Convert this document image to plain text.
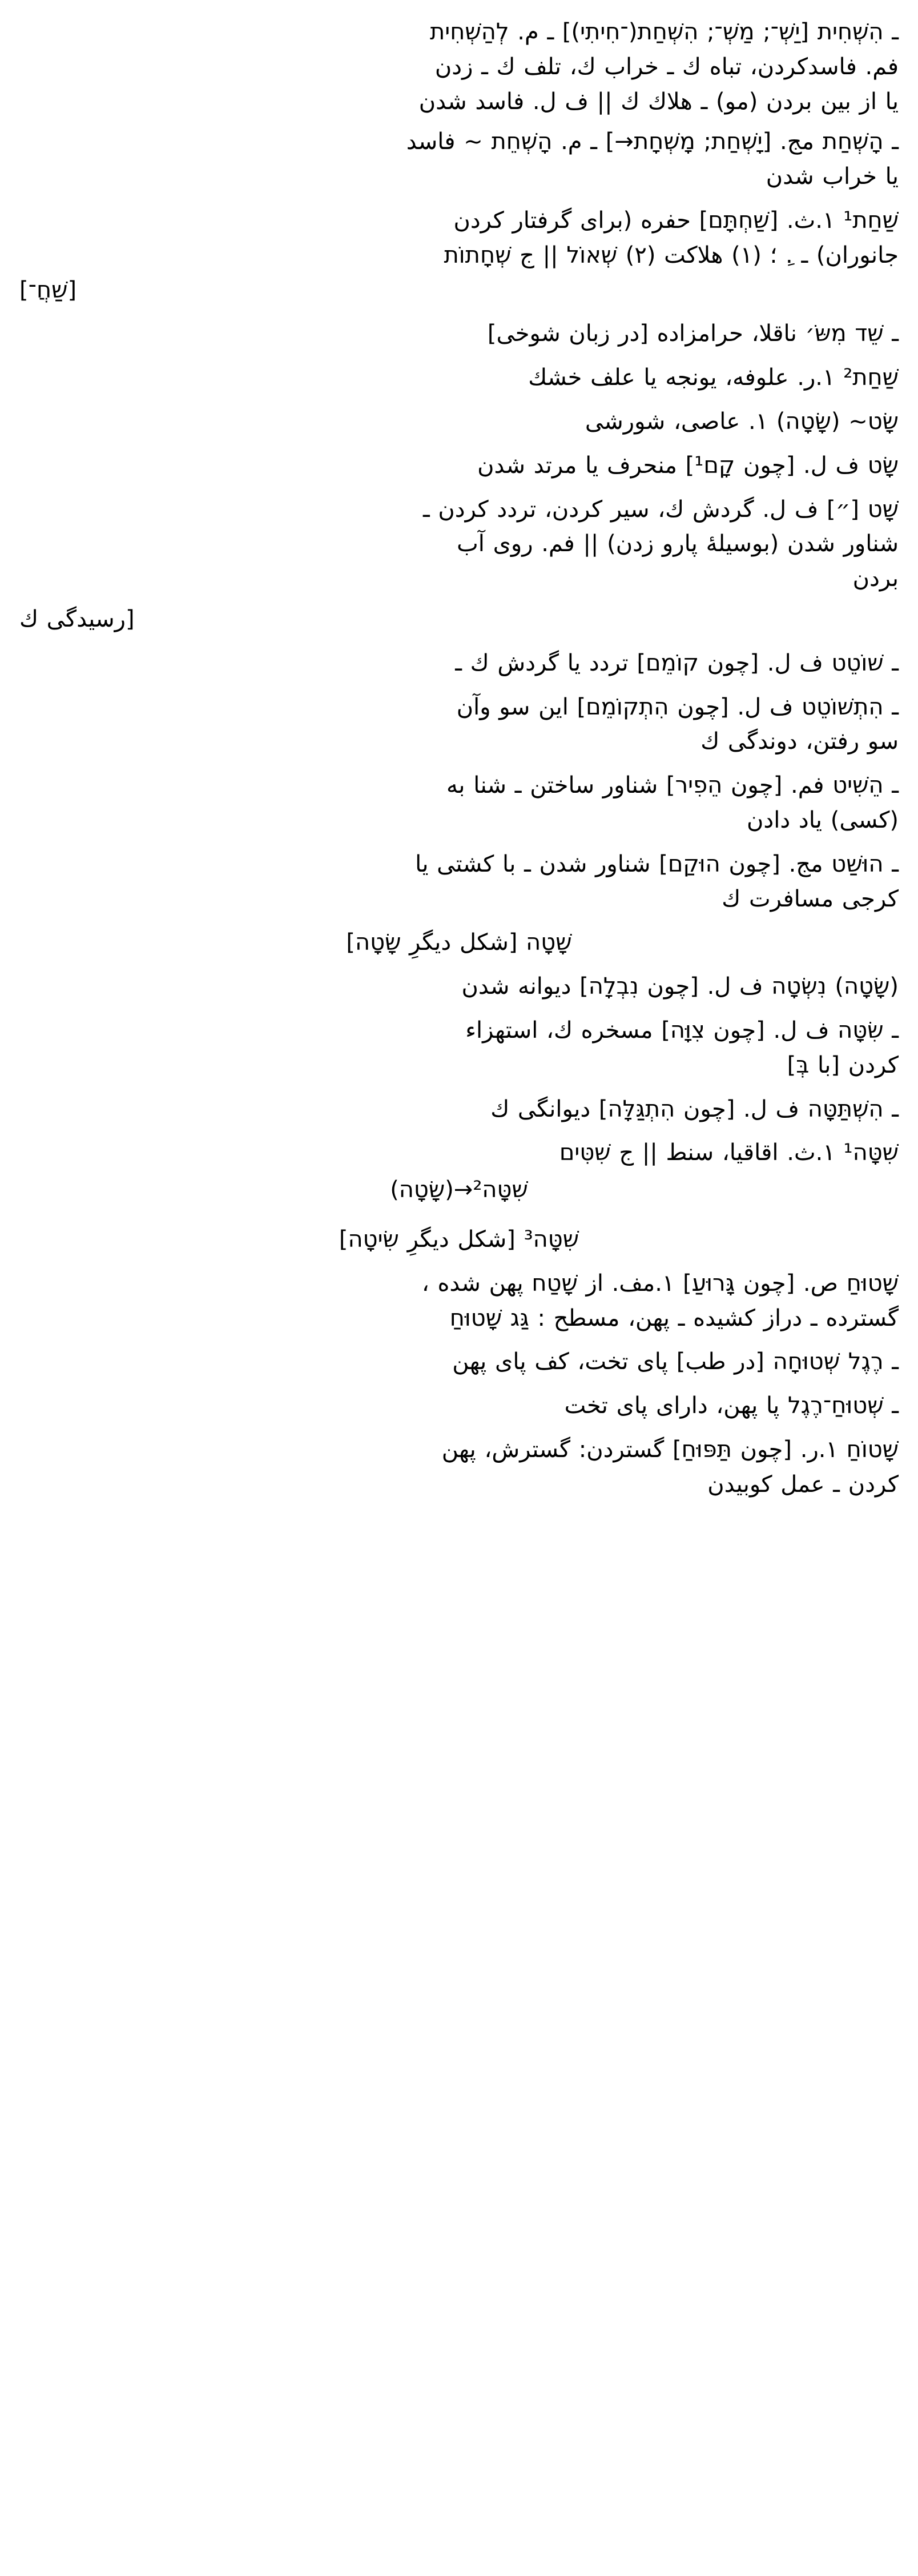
ـ הִשְׁחִית [יַשְׁ־; מַשְׁ־; הִשְׁחַת(־חִיתִי)] ـ م. לְהַשְׁחִית
فم. فاسدكردن، تباه ك ـ خراب ك، تلف ك ـ زدن
يا از بين بردن (مو) ـ هلاك ك || ف ل. فاسد شدن
ـ הָשְׁחַת مج. [יָשְׁחַת; מָשְׁחָת→] ـ م. הָשְׁחֵת ~ فاسد
يا خراب شدن
שַׁחַת¹ ١.ث. [שַׁחְתָּם] حفره (براى گرفتار كردن
جانوران) ـ .ِ ؛ (١) هلاكت (٢) שְׁאוֹל || ج שְׁחָתוֹת
[שַׁחֲ־]
ـ שֵׁד מִשֹּ׳ ناقلا، حرامزاده [در زبان شوخى]
שַׁחַת² ١.ر. علوفه، يونجه يا علف خشك
שָׂט~ (שָׂטָה) ١. عاصى، شورشى
שָׂט ف ل. [چون קָם¹] منحرف يا مرتد شدن
שָׁט [״] ف ل. گردش ك، سير كردن، تردد كردن ـ
شناور شدن (بوسيلهٔ پارو زدن) || فم. روى آب
بردن
[رسيدگى ك
ـ שׁוֹטֵט ف ل. [چون קוֹמֵם] تردد يا گردش ك ـ
ـ הִתְשׁוֹטֵט ف ل. [چون הִתְקוֹמֵם] اين سو وآن
سو رفتن، دوندگى ك
ـ הֵשִׁיט فم. [چون הֵפִיר] شناور ساختن ـ شنا به
(كسى) ياد دادن
ـ הוּשַׁט مج. [چون הוּקַם] شناور شدن ـ با كشتى يا
كرجى مسافرت ك
שָׁטָה [شكل ديگرِ שָׂטָה]
(שָׂטָה) נִשְׂטָה ف ل. [چون נִבְלָה] ديوانه شدن
ـ שִׂטָּה ف ل. [چون צִוָּה] مسخره ك، استهزاء
كردن [با בְּ]
ـ הִשְׁתַּטָּה ف ل. [چون הִתְגַּלָּה] ديوانگى ك
שִׁטָּה¹ ١.ث. اقاقيا، سنط || ج שִׁטִּים
שִׁטָּה²→(שָׂטָה)
שִׁטָּה³ [شكل ديگرِ שִׂיטָה]
שָׁטוּחַ ص. [چون גָּרוּעַ] ١.مف. از שָׁטַח پهن شده ،
گسترده ـ دراز كشيده ـ پهن، مسطح : גַּג שָׁטוּחַ
ـ רֶגֶל שְׁטוּחָה [در طب] پاى تخت، كف پاى پهن
ـ שְׁטוּחַ־רֶגֶל پا پهن، داراى پاى تخت
שָׁטוֹחַ ١.ر. [چون תַּפּוּחַ] گستردن: گسترش، پهن
كردن ـ عمل كوبيدن
